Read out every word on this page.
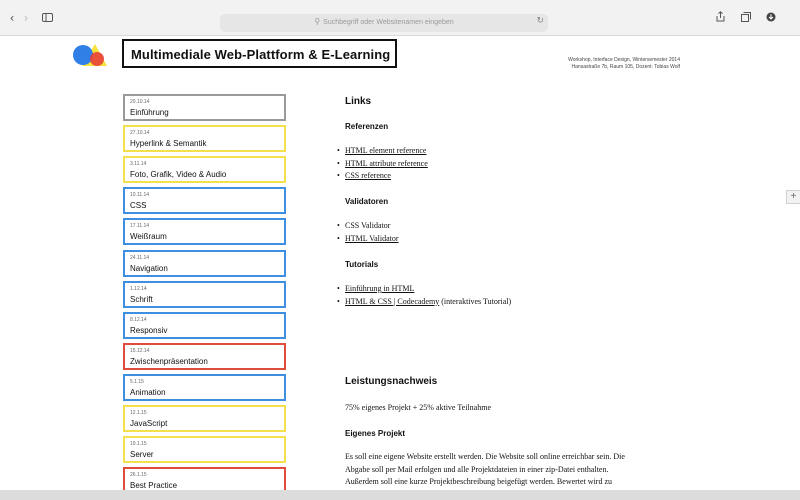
‹ ›	⚲ Suchbegriff oder Websitenamen eingeben	↻
+
Multimediale Web-Plattform & E-Learning	Workshop, Interface Design, Wintersemester 2014
Hansastraße 7b, Raum 105, Dozent: Tobias Wolf
20.10.14
Einführung
27.10.14
Hyperlink & Semantik
3.11.14
Foto, Grafik, Video & Audio
10.11.14
CSS
17.11.14
Weißraum
24.11.14
Navigation
1.12.14
Schrift
8.12.14
Responsiv
15.12.14
Zwischenpräsentation
5.1.15
Animation
12.1.15
JavaScript
19.1.15
Server
26.1.15
Best Practice
Links
Referenzen
• HTML element reference
• HTML attribute reference
• CSS reference
Validatoren
• CSS Validator
• HTML Validator
Tutorials
• Einführung in HTML
• HTML & CSS | Codecademy (interaktives Tutorial)
Leistungsnachweis
75% eigenes Projekt + 25% aktive Teilnahme
Eigenes Projekt
Es soll eine eigene Website erstellt werden. Die Website soll online erreichbar sein. Die
Abgabe soll per Mail erfolgen und alle Projektdateien in einer zip-Datei enthalten.
Außerdem soll eine kurze Projektbeschreibung beigefügt werden. Bewertet wird zu
